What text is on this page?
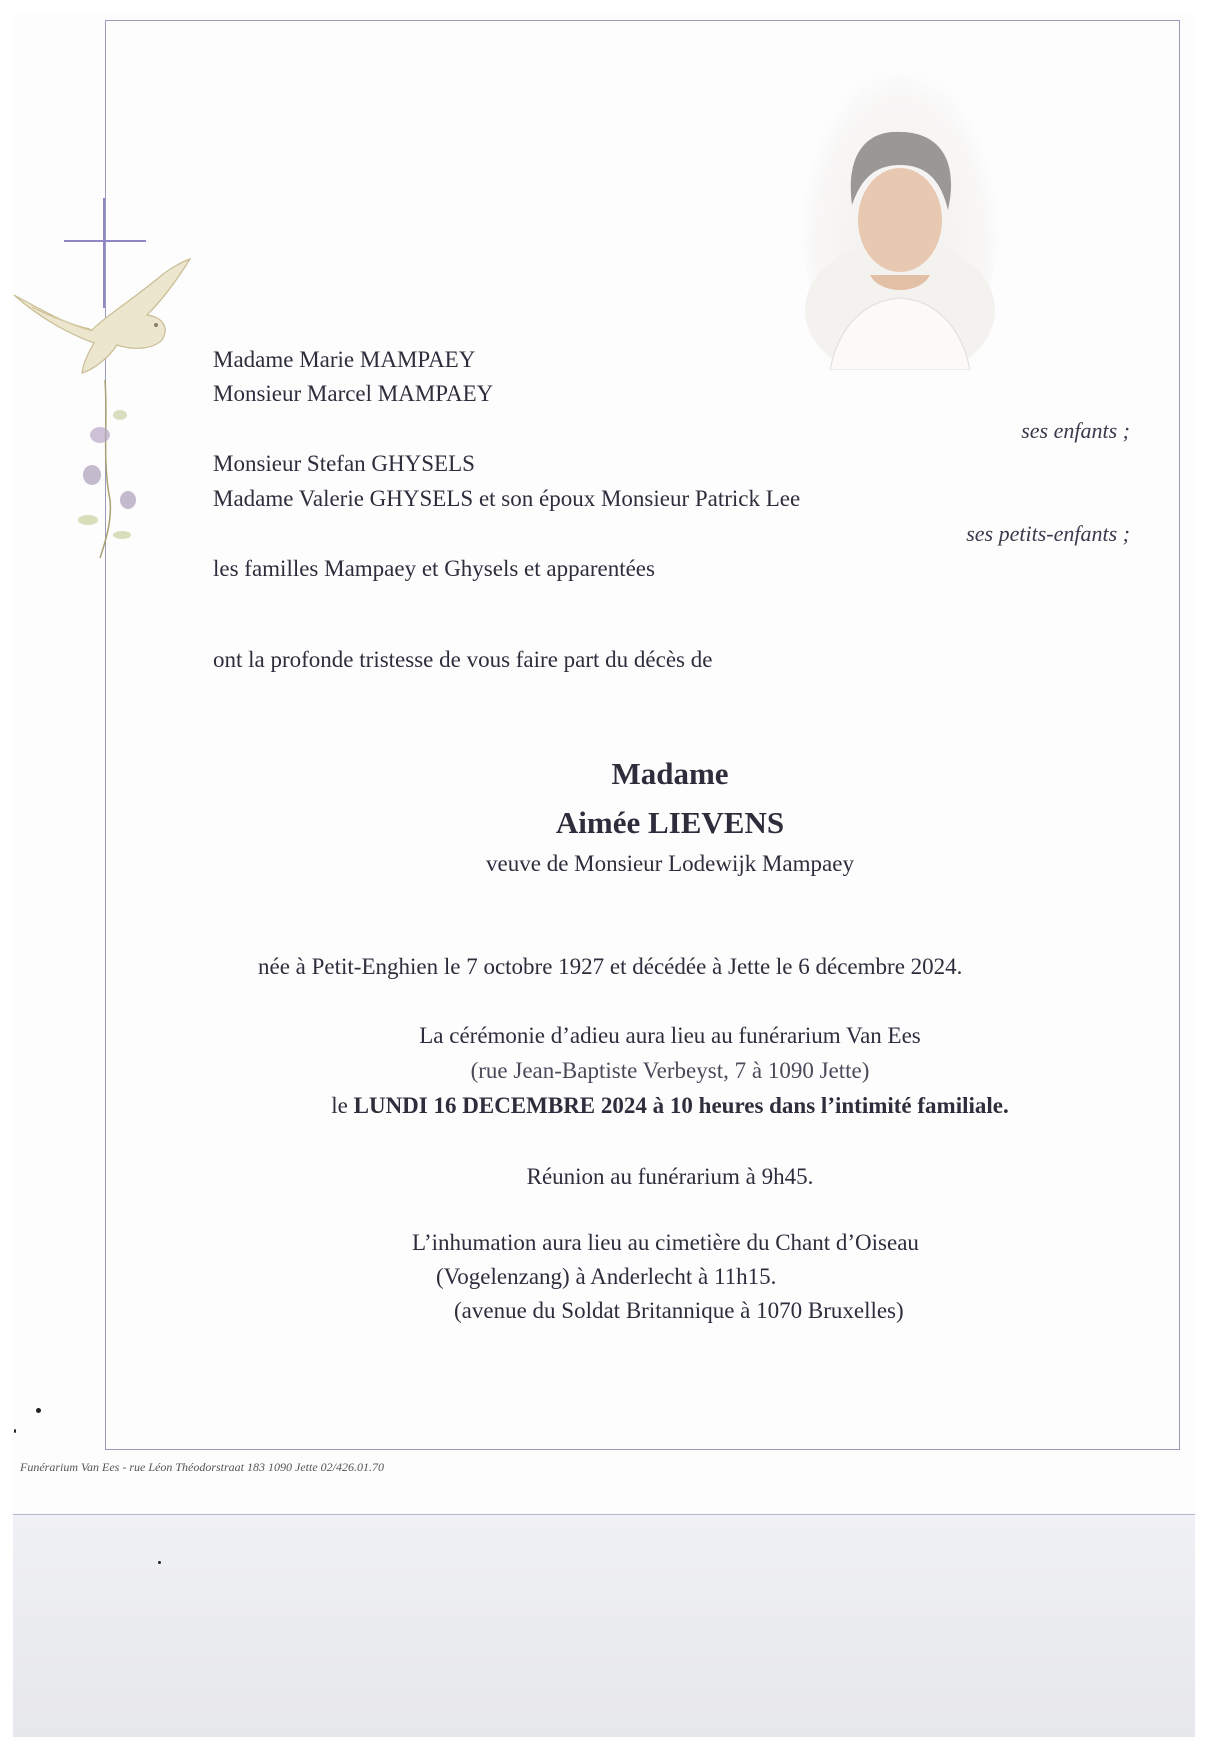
Madame Marie MAMPAEY
Monsieur Marcel MAMPAEY
ses enfants ;
Monsieur Stefan GHYSELS
Madame Valerie GHYSELS et son époux Monsieur Patrick Lee
ses petits-enfants ;
les familles Mampaey et Ghysels et apparentées
ont la profonde tristesse de vous faire part du décès de
Madame
Aimée LIEVENS
veuve de Monsieur Lodewijk Mampaey
née à Petit-Enghien le 7 octobre 1927 et décédée à Jette le 6 décembre 2024.
La cérémonie d’adieu aura lieu au funérarium Van Ees
(rue Jean-Baptiste Verbeyst, 7 à 1090 Jette)
le LUNDI 16 DECEMBRE 2024 à 10 heures dans l’intimité familiale.
Réunion au funérarium à 9h45.
L’inhumation aura lieu au cimetière du Chant d’Oiseau
(Vogelenzang) à Anderlecht à 11h15.
(avenue du Soldat Britannique à 1070 Bruxelles)
Funérarium Van Ees - rue Léon Théodorstraat 183 1090 Jette 02/426.01.70
